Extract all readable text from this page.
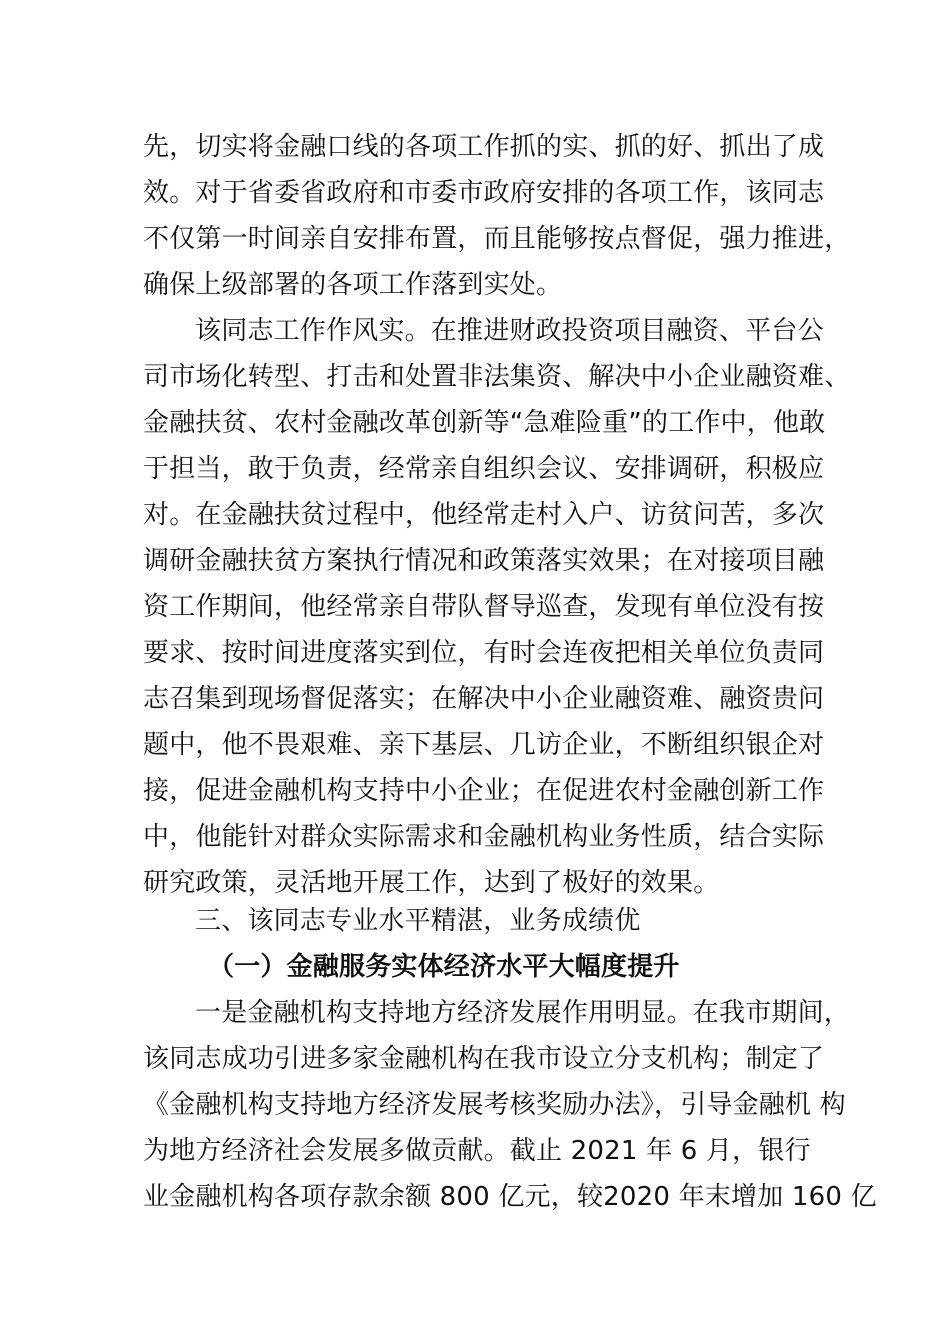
先，切实将金融口线的各项工作抓的实、抓的好、抓出了成
效。对于省委省政府和市委市政府安排的各项工作，该同志
不仅第一时间亲自安排布置，而且能够按点督促，强力推进，
确保上级部署的各项工作落到实处。
该同志工作作风实。在推进财政投资项目融资、平台公
司市场化转型、打击和处置非法集资、解决中小企业融资难、
金融扶贫、农村金融改革创新等“急难险重”的工作中，他敢
于担当，敢于负责，经常亲自组织会议、安排调研，积极应
对。在金融扶贫过程中，他经常走村入户、访贫问苦，多次
调研金融扶贫方案执行情况和政策落实效果；在对接项目融
资工作期间，他经常亲自带队督导巡查，发现有单位没有按
要求、按时间进度落实到位，有时会连夜把相关单位负责同
志召集到现场督促落实；在解决中小企业融资难、融资贵问
题中，他不畏艰难、亲下基层、几访企业，不断组织银企对
接，促进金融机构支持中小企业；在促进农村金融创新工作
中，他能针对群众实际需求和金融机构业务性质，结合实际
研究政策，灵活地开展工作，达到了极好的效果。
三、该同志专业水平精湛，业务成绩优
（一）金融服务实体经济水平大幅度提升
一是金融机构支持地方经济发展作用明显。在我市期间，
该同志成功引进多家金融机构在我市设立分支机构；制定了
《金融机构支持地方经济发展考核奖励办法》，引导金融机 构
为地方经济社会发展多做贡献。截止 2021 年 6 月，银行
业金融机构各项存款余额 800 亿元，较2020 年末增加 160 亿
